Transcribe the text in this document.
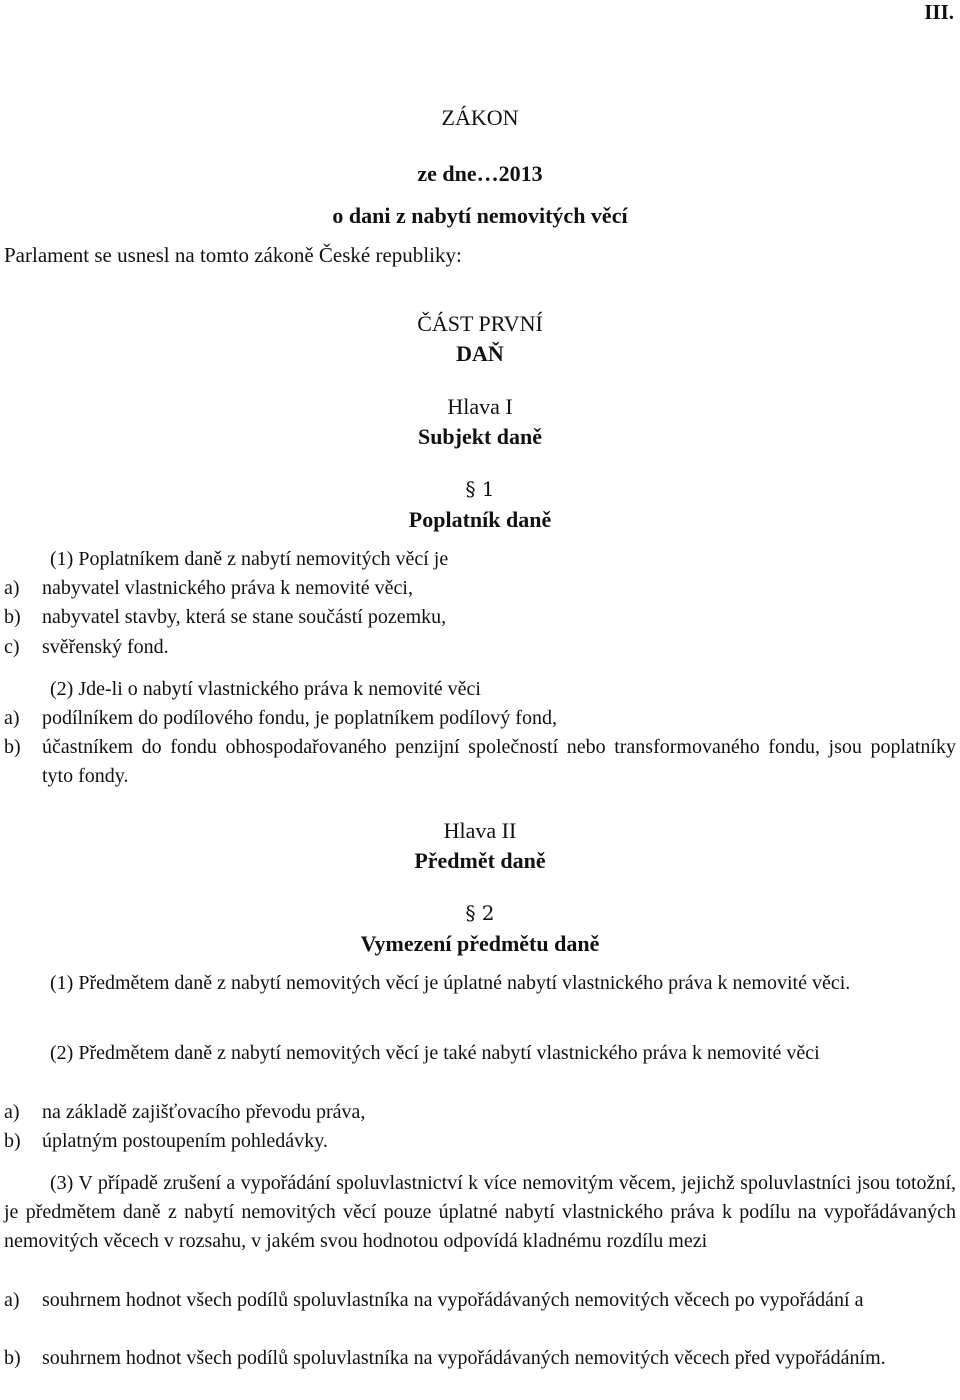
III.
ZÁKON
ze dne…2013
o dani z nabytí nemovitých věcí
Parlament se usnesl na tomto zákoně České republiky:
ČÁST PRVNÍ
DAŇ
Hlava I
Subjekt daně
§ 1
Poplatník daně
(1) Poplatníkem daně z nabytí nemovitých věcí je
a) nabyvatel vlastnického práva k nemovité věci,
b) nabyvatel stavby, která se stane součástí pozemku,
c) svěřenský fond.
(2) Jde-li o nabytí vlastnického práva k nemovité věci
a) podílníkem do podílového fondu, je poplatníkem podílový fond,
b) účastníkem do fondu obhospodařovaného penzijní společností nebo transformovaného fondu, jsou poplatníky tyto fondy.
Hlava II
Předmět daně
§ 2
Vymezení předmětu daně
(1) Předmětem daně z nabytí nemovitých věcí je úplatné nabytí vlastnického práva k nemovité věci.
(2) Předmětem daně z nabytí nemovitých věcí je také nabytí vlastnického práva k nemovité věci
a) na základě zajišťovacího převodu práva,
b) úplatným postoupením pohledávky.
(3) V případě zrušení a vypořádání spoluvlastnictví k více nemovitým věcem, jejichž spoluvlastníci jsou totožní, je předmětem daně z nabytí nemovitých věcí pouze úplatné nabytí vlastnického práva k podílu na vypořádávaných nemovitých věcech v rozsahu, v jakém svou hodnotou odpovídá kladnému rozdílu mezi
a) souhrnem hodnot všech podílů spoluvlastníka na vypořádávaných nemovitých věcech po vypořádání a
b) souhrnem hodnot všech podílů spoluvlastníka na vypořádávaných nemovitých věcech před vypořádáním.
